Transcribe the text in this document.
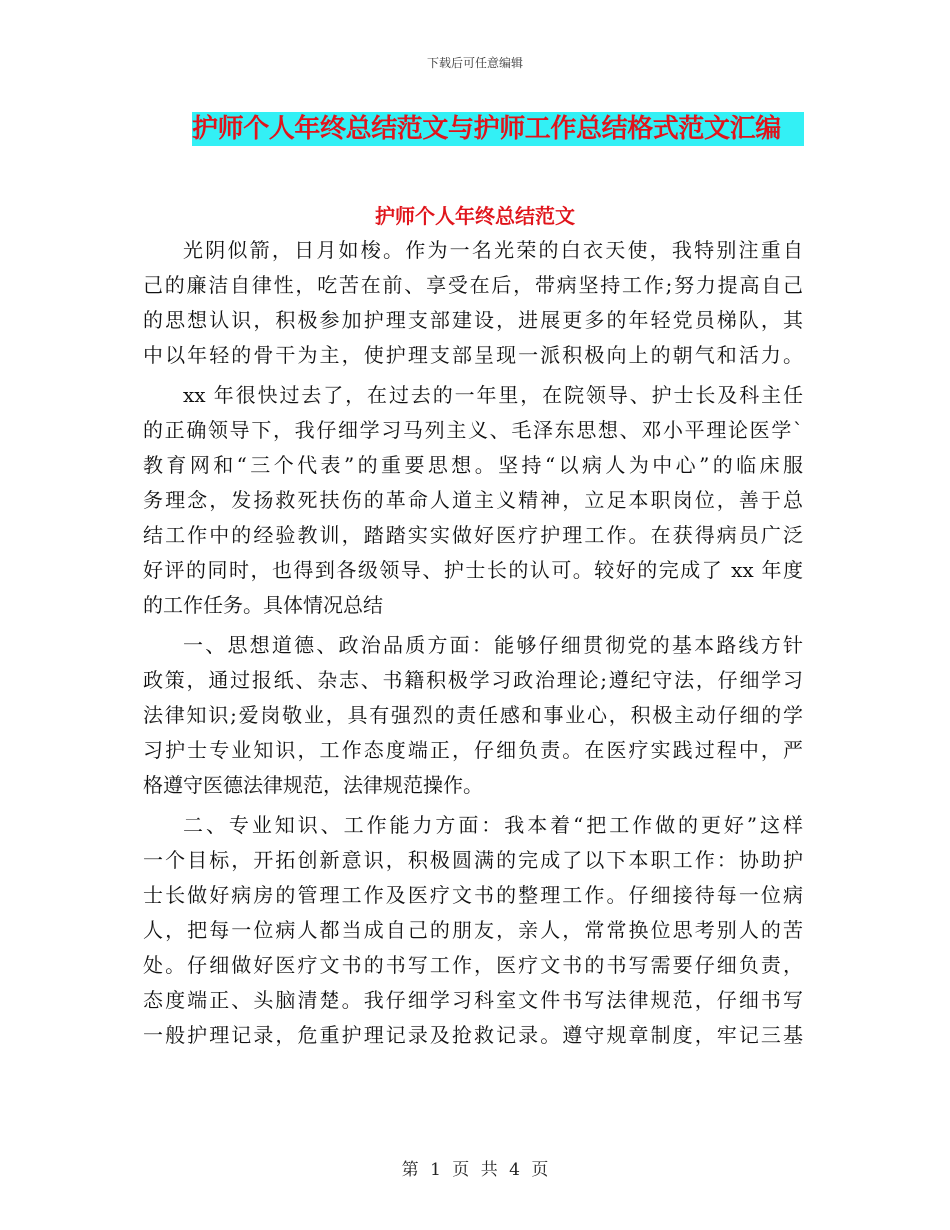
下载后可任意编辑
护师个人年终总结范文与护师工作总结格式范文汇编
护师个人年终总结范文
光阴似箭，日月如梭。作为一名光荣的白衣天使，我特别注重自
己的廉洁自律性，吃苦在前、享受在后，带病坚持工作;努力提高自己
的思想认识，积极参加护理支部建设，进展更多的年轻党员梯队，其
中以年轻的骨干为主，使护理支部呈现一派积极向上的朝气和活力。
xx 年很快过去了，在过去的一年里，在院领导、护士长及科主任
的正确领导下，我仔细学习马列主义、毛泽东思想、邓小平理论医学`
教育网和“三个代表”的重要思想。坚持“以病人为中心”的临床服
务理念，发扬救死扶伤的革命人道主义精神，立足本职岗位，善于总
结工作中的经验教训，踏踏实实做好医疗护理工作。在获得病员广泛
好评的同时，也得到各级领导、护士长的认可。较好的完成了 xx 年度
的工作任务。具体情况总结
一、思想道德、政治品质方面：能够仔细贯彻党的基本路线方针
政策，通过报纸、杂志、书籍积极学习政治理论;遵纪守法，仔细学习
法律知识;爱岗敬业，具有强烈的责任感和事业心，积极主动仔细的学
习护士专业知识，工作态度端正，仔细负责。在医疗实践过程中，严
格遵守医德法律规范，法律规范操作。
二、专业知识、工作能力方面：我本着“把工作做的更好”这样
一个目标，开拓创新意识，积极圆满的完成了以下本职工作：协助护
士长做好病房的管理工作及医疗文书的整理工作。仔细接待每一位病
人，把每一位病人都当成自己的朋友，亲人，常常换位思考别人的苦
处。仔细做好医疗文书的书写工作，医疗文书的书写需要仔细负责，
态度端正、头脑清楚。我仔细学习科室文件书写法律规范，仔细书写
一般护理记录，危重护理记录及抢救记录。遵守规章制度，牢记三基
第 1 页 共 4 页
